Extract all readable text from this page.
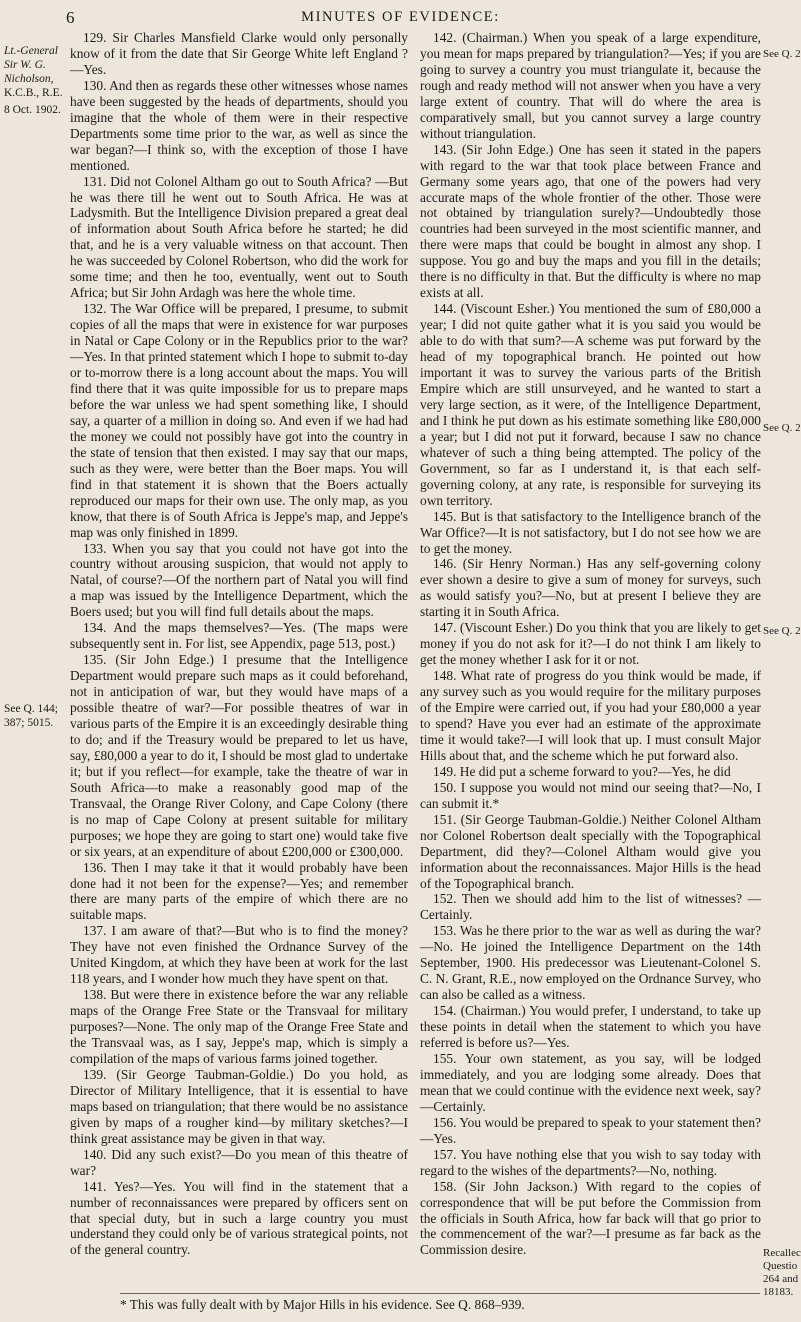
6	MINUTES OF EVIDENCE:
Lt.-General
Sir W. G.
Nicholson,
K.C.B., R.E.
8 Oct. 1902.
See Q. 144;
387; 5015.
See Q. 2
See Q. 2
See Q. 2
Recallec
Questio
264 and
18183.

129. Sir Charles Mansfield Clarke would only personally know of it from the date that Sir George White left England ?—Yes.

130. And then as regards these other witnesses whose names have been suggested by the heads of departments, should you imagine that the whole of them were in their respective Departments some time prior to the war, as well as since the war began?—I think so, with the exception of those I have mentioned.

131. Did not Colonel Altham go out to South Africa? —But he was there till he went out to South Africa. He was at Ladysmith. But the Intelligence Division prepared a great deal of information about South Africa before he started; he did that, and he is a very valuable witness on that account. Then he was succeeded by Colonel Robertson, who did the work for some time; and then he too, eventually, went out to South Africa; but Sir John Ardagh was here the whole time.

132. The War Office will be prepared, I presume, to submit copies of all the maps that were in existence for war purposes in Natal or Cape Colony or in the Republics prior to the war?—Yes. In that printed statement which I hope to submit to-day or to-morrow there is a long account about the maps. You will find there that it was quite impossible for us to prepare maps before the war unless we had spent something like, I should say, a quarter of a million in doing so. And even if we had had the money we could not possibly have got into the country in the state of tension that then existed. I may say that our maps, such as they were, were better than the Boer maps. You will find in that statement it is shown that the Boers actually reproduced our maps for their own use. The only map, as you know, that there is of South Africa is Jeppe's map, and Jeppe's map was only finished in 1899.

133. When you say that you could not have got into the country without arousing suspicion, that would not apply to Natal, of course?—Of the northern part of Natal you will find a map was issued by the Intelligence Department, which the Boers used; but you will find full details about the maps.

134. And the maps themselves?—Yes. (The maps were subsequently sent in. For list, see Appendix, page 513, post.)

135. (Sir John Edge.) I presume that the Intelligence Department would prepare such maps as it could beforehand, not in anticipation of war, but they would have maps of a possible theatre of war?—For possible theatres of war in various parts of the Empire it is an exceedingly desirable thing to do; and if the Treasury would be prepared to let us have, say, £80,000 a year to do it, I should be most glad to undertake it; but if you reflect—for example, take the theatre of war in South Africa—to make a reasonably good map of the Transvaal, the Orange River Colony, and Cape Colony (there is no map of Cape Colony at present suitable for military purposes; we hope they are going to start one) would take five or six years, at an expenditure of about £200,000 or £300,000.

136. Then I may take it that it would probably have been done had it not been for the expense?—Yes; and remember there are many parts of the empire of which there are no suitable maps.

137. I am aware of that?—But who is to find the money? They have not even finished the Ordnance Survey of the United Kingdom, at which they have been at work for the last 118 years, and I wonder how much they have spent on that.

138. But were there in existence before the war any reliable maps of the Orange Free State or the Transvaal for military purposes?—None. The only map of the Orange Free State and the Transvaal was, as I say, Jeppe's map, which is simply a compilation of the maps of various farms joined together.

139. (Sir George Taubman-Goldie.) Do you hold, as Director of Military Intelligence, that it is essential to have maps based on triangulation; that there would be no assistance given by maps of a rougher kind—by military sketches?—I think great assistance may be given in that way.

140. Did any such exist?—Do you mean of this theatre of war?

141. Yes?—Yes. You will find in the statement that a number of reconnaissances were prepared by officers sent on that special duty, but in such a large country you must understand they could only be of various strategical points, not of the general country.

142. (Chairman.) When you speak of a large expenditure, you mean for maps prepared by triangulation?—Yes; if you are going to survey a country you must triangulate it, because the rough and ready method will not answer when you have a very large extent of country. That will do where the area is comparatively small, but you cannot survey a large country without triangulation.

143. (Sir John Edge.) One has seen it stated in the papers with regard to the war that took place between France and Germany some years ago, that one of the powers had very accurate maps of the whole frontier of the other. Those were not obtained by triangulation surely?—Undoubtedly those countries had been surveyed in the most scientific manner, and there were maps that could be bought in almost any shop. I suppose. You go and buy the maps and you fill in the details; there is no difficulty in that. But the difficulty is where no map exists at all.

144. (Viscount Esher.) You mentioned the sum of £80,000 a year; I did not quite gather what it is you said you would be able to do with that sum?—A scheme was put forward by the head of my topographical branch. He pointed out how important it was to survey the various parts of the British Empire which are still unsurveyed, and he wanted to start a very large section, as it were, of the Intelligence Department, and I think he put down as his estimate something like £80,000 a year; but I did not put it forward, because I saw no chance whatever of such a thing being attempted. The policy of the Government, so far as I understand it, is that each self-governing colony, at any rate, is responsible for surveying its own territory.

145. But is that satisfactory to the Intelligence branch of the War Office?—It is not satisfactory, but I do not see how we are to get the money.

146. (Sir Henry Norman.) Has any self-governing colony ever shown a desire to give a sum of money for surveys, such as would satisfy you?—No, but at present I believe they are starting it in South Africa.

147. (Viscount Esher.) Do you think that you are likely to get money if you do not ask for it?—I do not think I am likely to get the money whether I ask for it or not.

148. What rate of progress do you think would be made, if any survey such as you would require for the military purposes of the Empire were carried out, if you had your £80,000 a year to spend? Have you ever had an estimate of the approximate time it would take?—I will look that up. I must consult Major Hills about that, and the scheme which he put forward also.

149. He did put a scheme forward to you?—Yes, he did

150. I suppose you would not mind our seeing that?—No, I can submit it.*

151. (Sir George Taubman-Goldie.) Neither Colonel Altham nor Colonel Robertson dealt specially with the Topographical Department, did they?—Colonel Altham would give you information about the reconnaissances. Major Hills is the head of the Topographical branch.

152. Then we should add him to the list of witnesses? —Certainly.

153. Was he there prior to the war as well as during the war?—No. He joined the Intelligence Department on the 14th September, 1900. His predecessor was Lieutenant-Colonel S. C. N. Grant, R.E., now employed on the Ordnance Survey, who can also be called as a witness.

154. (Chairman.) You would prefer, I understand, to take up these points in detail when the statement to which you have referred is before us?—Yes.

155. Your own statement, as you say, will be lodged immediately, and you are lodging some already. Does that mean that we could continue with the evidence next week, say?—Certainly.

156. You would be prepared to speak to your statement then?—Yes.

157. You have nothing else that you wish to say today with regard to the wishes of the departments?—No, nothing.

158. (Sir John Jackson.) With regard to the copies of correspondence that will be put before the Commission from the officials in South Africa, how far back will that go prior to the commencement of the war?—I presume as far back as the Commission desire.

* This was fully dealt with by Major Hills in his evidence. See Q. 868–939.
